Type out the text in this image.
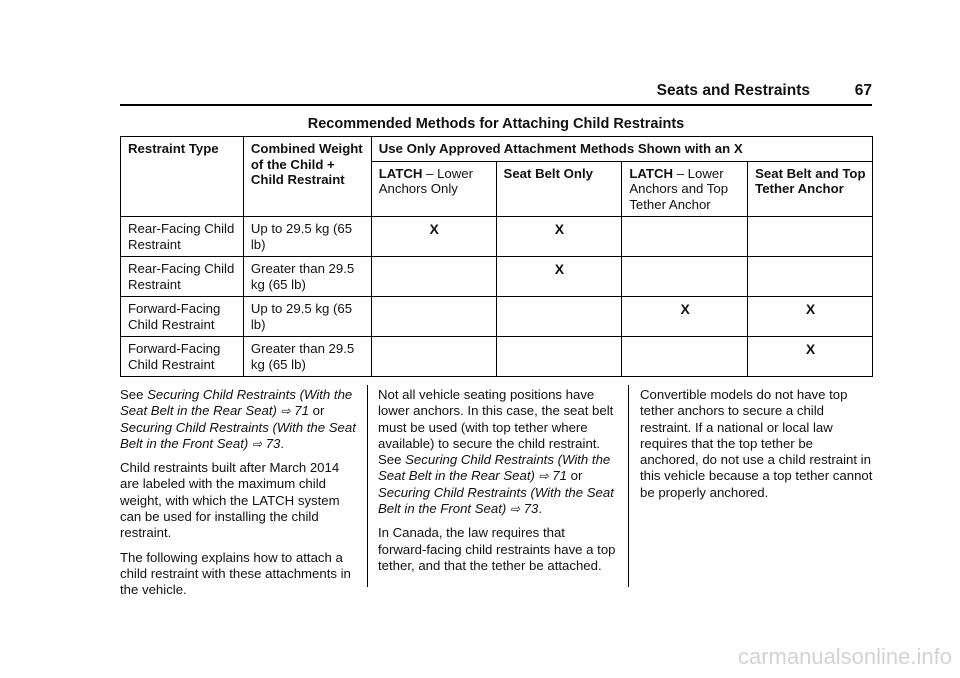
Seats and Restraints	67
Recommended Methods for Attaching Child Restraints
Restraint Type	Combined Weight of the Child + Child Restraint	Use Only Approved Attachment Methods Shown with an X			
		LATCH – Lower Anchors Only	Seat Belt Only	LATCH – Lower Anchors and Top Tether Anchor	Seat Belt and Top Tether Anchor
Rear-Facing Child Restraint	Up to 29.5 kg (65 lb)	X	X		
Rear-Facing Child Restraint	Greater than 29.5 kg (65 lb)		X		
Forward-Facing Child Restraint	Up to 29.5 kg (65 lb)			X	X
Forward-Facing Child Restraint	Greater than 29.5 kg (65 lb)				X

See Securing Child Restraints (With the Seat Belt in the Rear Seat) ⇨ 71 or
Securing Child Restraints (With the Seat Belt in the Front Seat) ⇨ 73.

Child restraints built after March 2014 are labeled with the maximum child weight, with which the LATCH system can be used for installing the child restraint.

The following explains how to attach a child restraint with these attachments in the vehicle.

Not all vehicle seating positions have lower anchors. In this case, the seat belt must be used (with top tether where available) to secure the child restraint. See Securing Child Restraints (With the Seat Belt in the Rear Seat) ⇨ 71 or
Securing Child Restraints (With the Seat Belt in the Front Seat) ⇨ 73.

In Canada, the law requires that forward-facing child restraints have a top tether, and that the tether be attached.

Convertible models do not have top tether anchors to secure a child restraint. If a national or local law requires that the top tether be anchored, do not use a child restraint in this vehicle because a top tether cannot be properly anchored.

carmanualsonline.info
